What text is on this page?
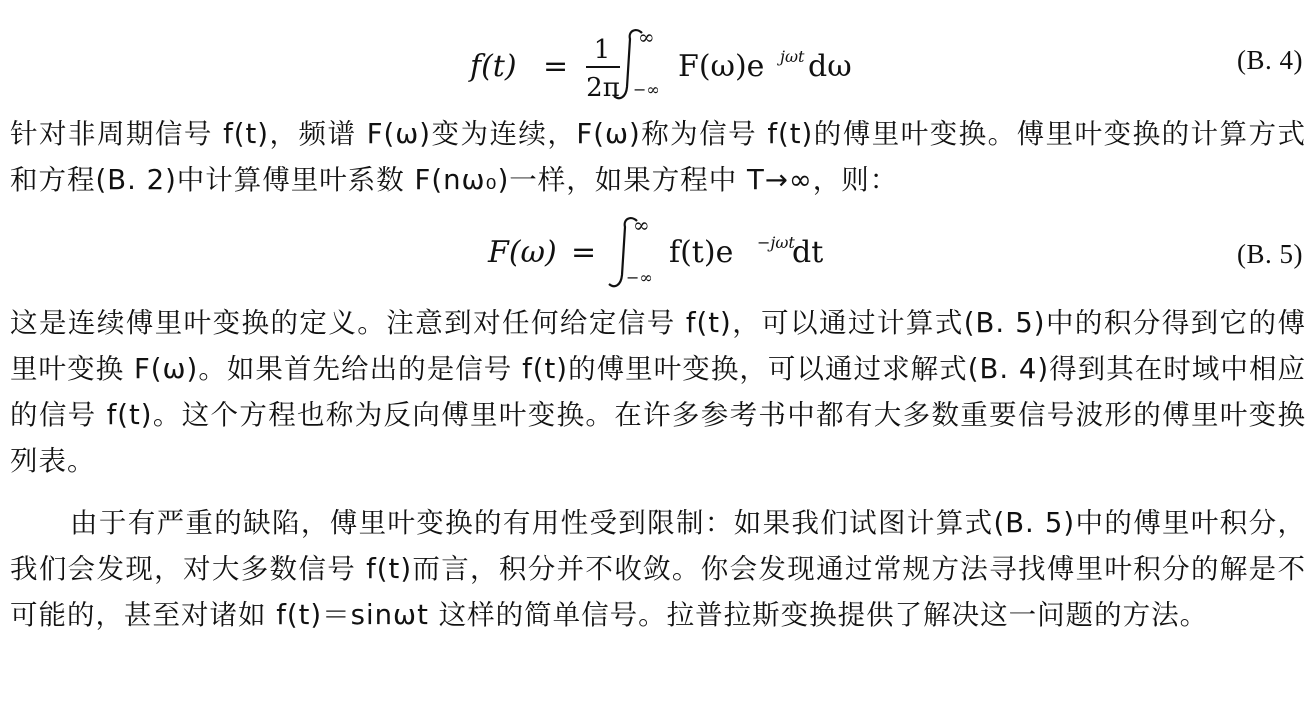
f(t) = 1
2π
∞
−∞
F(ω)e jωt dω	(B. 4)

针对非周期信号 f(t)，频谱 F(ω)变为连续，F(ω)称为信号 f(t)的傅里叶变换。傅里叶变换的计算方式和方程(B. 2)中计算傅里叶系数 F(nω₀)一样，如果方程中 T→∞，则：

F(ω) =
∞
−∞
f(t)e −jωt
dt	(B. 5)

这是连续傅里叶变换的定义。注意到对任何给定信号 f(t)，可以通过计算式(B. 5)中的积分得到它的傅里叶变换 F(ω)。如果首先给出的是信号 f(t)的傅里叶变换，可以通过求解式(B. 4)得到其在时域中相应的信号 f(t)。这个方程也称为反向傅里叶变换。在许多参考书中都有大多数重要信号波形的傅里叶变换列表。

由于有严重的缺陷，傅里叶变换的有用性受到限制：如果我们试图计算式(B. 5)中的傅里叶积分，我们会发现，对大多数信号 f(t)而言，积分并不收敛。你会发现通过常规方法寻找傅里叶积分的解是不可能的，甚至对诸如 f(t)＝sinωt 这样的简单信号。拉普拉斯变换提供了解决这一问题的方法。
